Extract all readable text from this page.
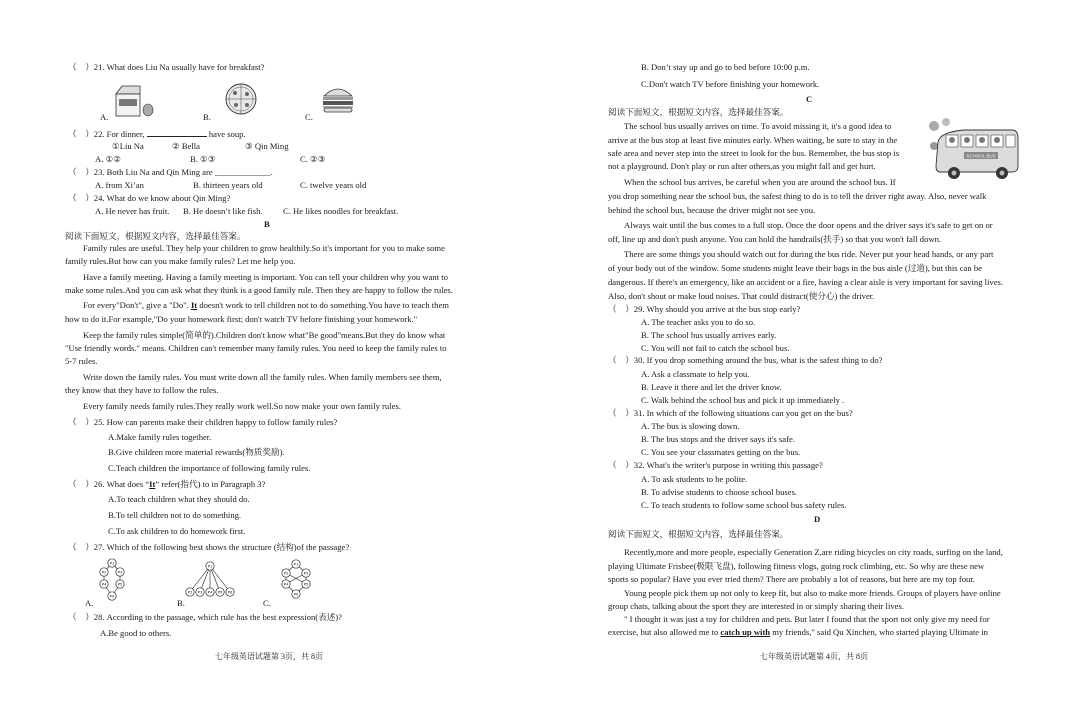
（　）21. What does Liu Na usually have for breakfast?
A.	B.	C.
（　）22. For dinner,	have soup.
①Liu Na	② Bella	③ Qin Ming
A. ①②	B. ①③	C. ②③
（　）23. Both Liu Na and Qin Ming are _____________.
A. from Xi’an	B. thirteen years old	C. twelve years old
（　）24. What do we know about Qin Ming?
A. He never has fruit. B. He doesn’t like fish. C. He likes noodles for breakfast.
B
阅读下面短文，根据短文内容，选择最佳答案。
Family rules are useful. They help your children to grow healthily.So it's important for you to make some
family rules.But how can you make family rules? Let me help you.
Have a family meeting. Having a family meeting is important. You can tell your children why you want to
make some rules.And you can ask what they think is a good family rule. Then they are happy to follow the rules.
For every"Don't", give a "Do". It doesn't work to tell children not to do something.You have to teach them
how to do it.For example,"Do your homework first; don't watch TV before finishing your homework."
Keep the family rules simple(简单的).Children don't know what"Be good"means.But they do know what
"Use friendly words." means. Children can't remember many family rules. You need to keep the family rules to
5-7 rules.
Write down the family rules. You must write down all the family rules. When family members see them,
they know that they have to follow the rules.
Every family needs family rules.They really work well.So now make your own family rules.
（　）25. How can parents make their children happy to follow family rules?
A.Make family rules together.
B.Give children more material rewards(物质奖励).
C.Teach children the importance of following family rules.
（　）26. What does “It” refer(指代) to in Paragraph 3?
A.To teach children what they should do.
B.To tell children not to do something.
C.To ask children to do homework first.
（　）27. Which of the following best shows the structure (结构)of the passage?
A.
P1
P2	P3
P4	P5
P6
B.
P1
P2 P3 P4 P5 P6
C.
P1
P2	P3
P4	P5
P6
（　）28. According to the passage, which rule has the best expression(表述)?
A.Be good to others.
七年级英语试题第 3页，共 8页
B. Don’t stay up and go to bed before 10:00 p.m.
C.Don't watch TV before finishing your homework.
C
阅读下面短文，根据短文内容，选择最佳答案。
The school bus usually arrives on time. To avoid missing it, it's a good idea to
arrive at the bus stop at least five minutes early. When waiting, be sure to stay in the
safe area and never step into the street to look for the bus. Remember, the bus stop is
not a playground. Don't play or run after others,as you might fall and get hurt.
SCHOOL BUS
When the school bus arrives, be careful when you are around the school bus. If
you drop something near the school bus, the safest thing to do is to tell the driver right away. Also, never walk
behind the school bus, because the driver might not see you.
Always wait until the bus comes to a full stop. Once the door opens and the driver says it's safe to get on or
off, line up and don't push anyone. You can hold the handrails(扶手) so that you won't fall down.
There are some things you should watch out for during the bus ride. Never put your head hands, or any part
of your body out of the window. Some students might leave their bags in the bus aisle (过道), but this can be
dangerous. If there's an emergency, like an accident or a fire, having a clear aisle is very important for saving lives.
Also, don't shout or make loud noises. That could distract(使分心) the driver.
（　）29. Why should you arrive at the bus stop early?
A. The teacher asks you to do so.
B. The school bus usually arrives early.
C. You will not fail to catch the school bus.
（　）30. If you drop something around the bus, what is the safest thing to do?
A. Ask a classmate to help you.
B. Leave it there and let the driver know.
C. Walk behind the school bus and pick it up immediately .
（　）31. In which of the following situations can you get on the bus?
A. The bus is slowing down.
B. The bus stops and the driver says it's safe.
C. You see your classmates getting on the bus.
（　）32. What's the writer's purpose in writing this passage?
A. To ask students to be polite.
B. To advise students to choose school buses.
C. To teach students to follow some school bus safety rules.
D
阅读下面短文，根据短文内容，选择最佳答案。
Recently,more and more people, especially Generation Z,are riding bicycles on city roads, surfing on the land,
playing Ultimate Frisbee(极限飞盘), following fitness vlogs, going rock climbing, etc. So why are these new
sports so popular? Have you ever tried them? There are probably a lot of reasons, but here are my top four.
Young people pick them up not only to keep fit, but also to make more friends. Groups of players have online
group chats, talking about the sport they are interested in or simply sharing their lives.
" I thought it was just a toy for children and pets. But later I found that the sport not only give my need for
exercise, but also allowed me to catch up with my friends," said Qu Xinchen, who started playing Ultimate in
七年级英语试题第 4页，共 8页
